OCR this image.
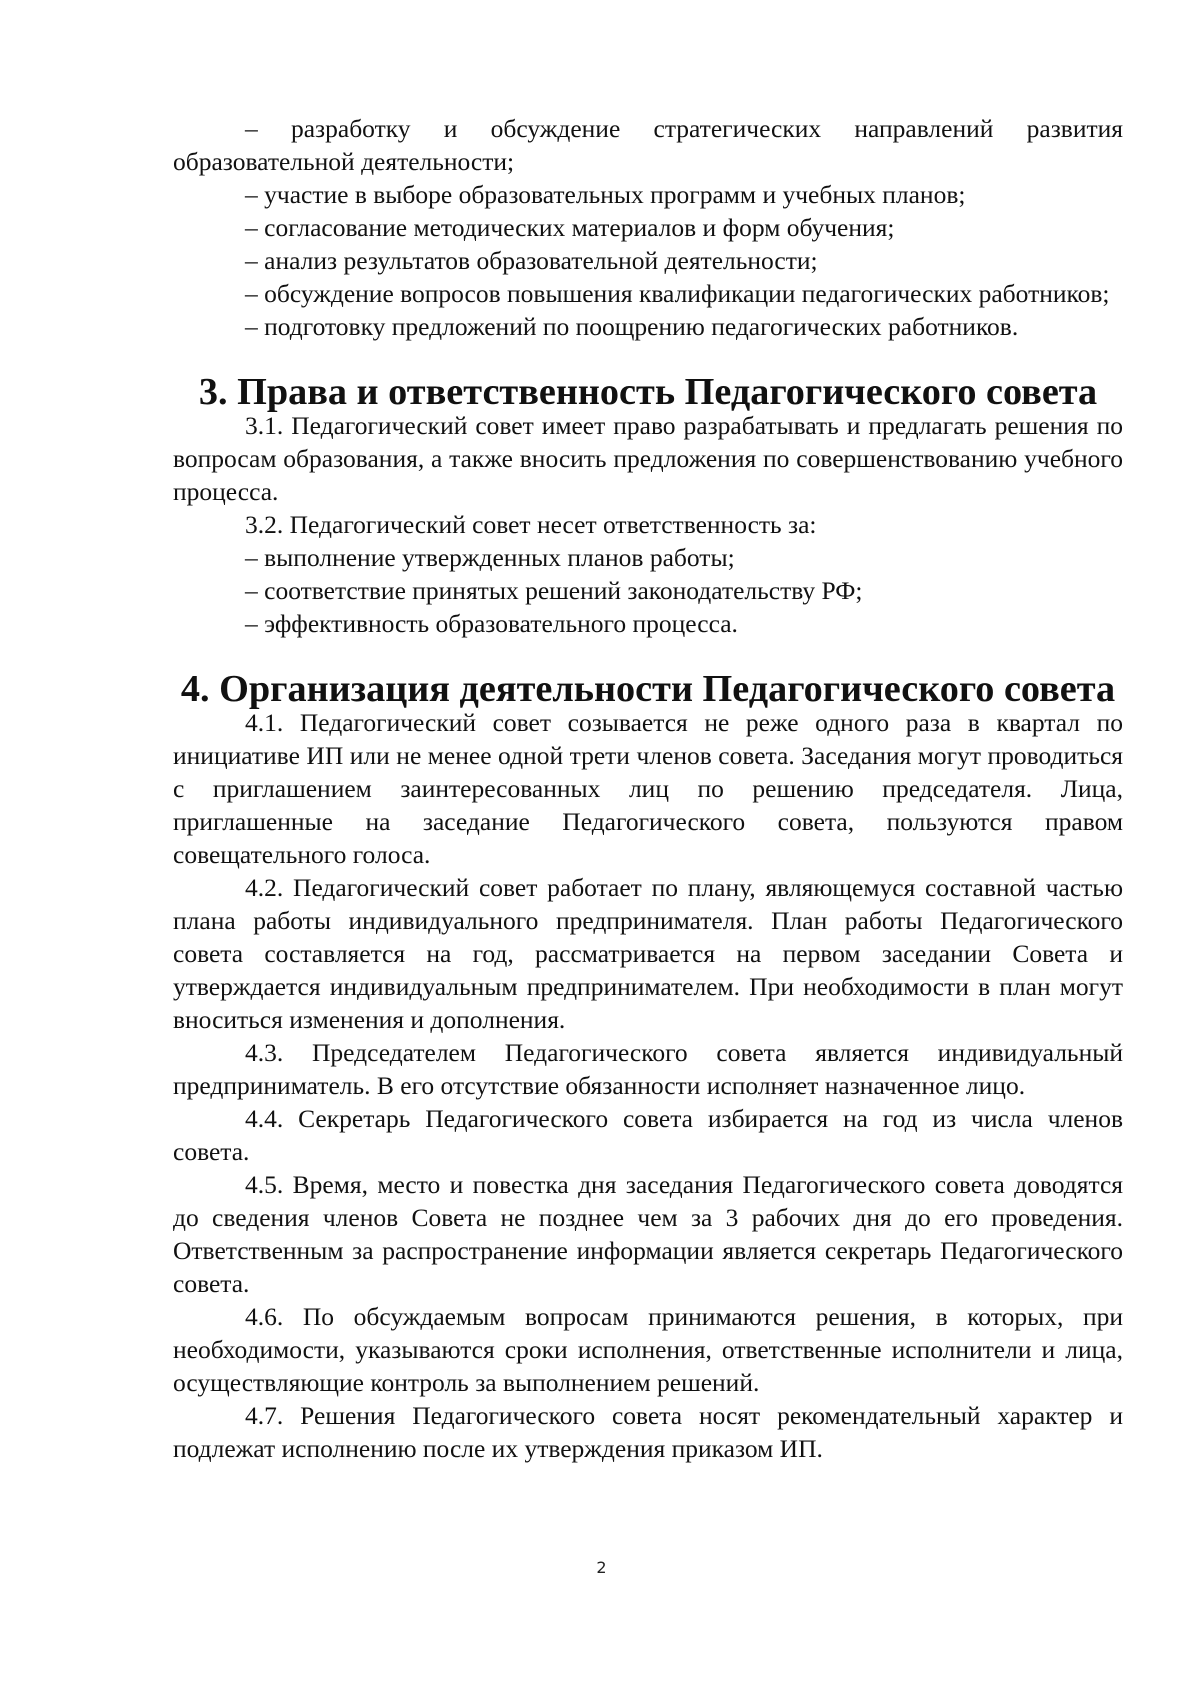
– разработку и обсуждение стратегических направлений развития образовательной деятельности;

– участие в выборе образовательных программ и учебных планов;

– согласование методических материалов и форм обучения;

– анализ результатов образовательной деятельности;

– обсуждение вопросов повышения квалификации педагогических работников;

– подготовку предложений по поощрению педагогических работников.

3. Права и ответственность Педагогического совета

3.1. Педагогический совет имеет право разрабатывать и предлагать решения по вопросам образования, а также вносить предложения по совершенствованию учебного процесса.

3.2. Педагогический совет несет ответственность за:

– выполнение утвержденных планов работы;

– соответствие принятых решений законодательству РФ;

– эффективность образовательного процесса.

4. Организация деятельности Педагогического совета

4.1. Педагогический совет созывается не реже одного раза в квартал по инициативе ИП или не менее одной трети членов совета. Заседания могут проводиться с приглашением заинтересованных лиц по решению председателя. Лица, приглашенные на заседание Педагогического совета, пользуются правом совещательного голоса.

4.2. Педагогический совет работает по плану, являющемуся составной частью плана работы индивидуального предпринимателя. План работы Педагогического совета составляется на год, рассматривается на первом заседании Совета и утверждается индивидуальным предпринимателем. При необходимости в план могут вноситься изменения и дополнения.

4.3. Председателем Педагогического совета является индивидуальный предприниматель. В его отсутствие обязанности исполняет назначенное лицо.

4.4. Секретарь Педагогического совета избирается на год из числа членов совета.

4.5. Время, место и повестка дня заседания Педагогического совета доводятся до сведения членов Совета не позднее чем за 3 рабочих дня до его проведения. Ответственным за распространение информации является секретарь Педагогического совета.

4.6. По обсуждаемым вопросам принимаются решения, в которых, при необходимости, указываются сроки исполнения, ответственные исполнители и лица, осуществляющие контроль за выполнением решений.

4.7. Решения Педагогического совета носят рекомендательный характер и подлежат исполнению после их утверждения приказом ИП.

2
